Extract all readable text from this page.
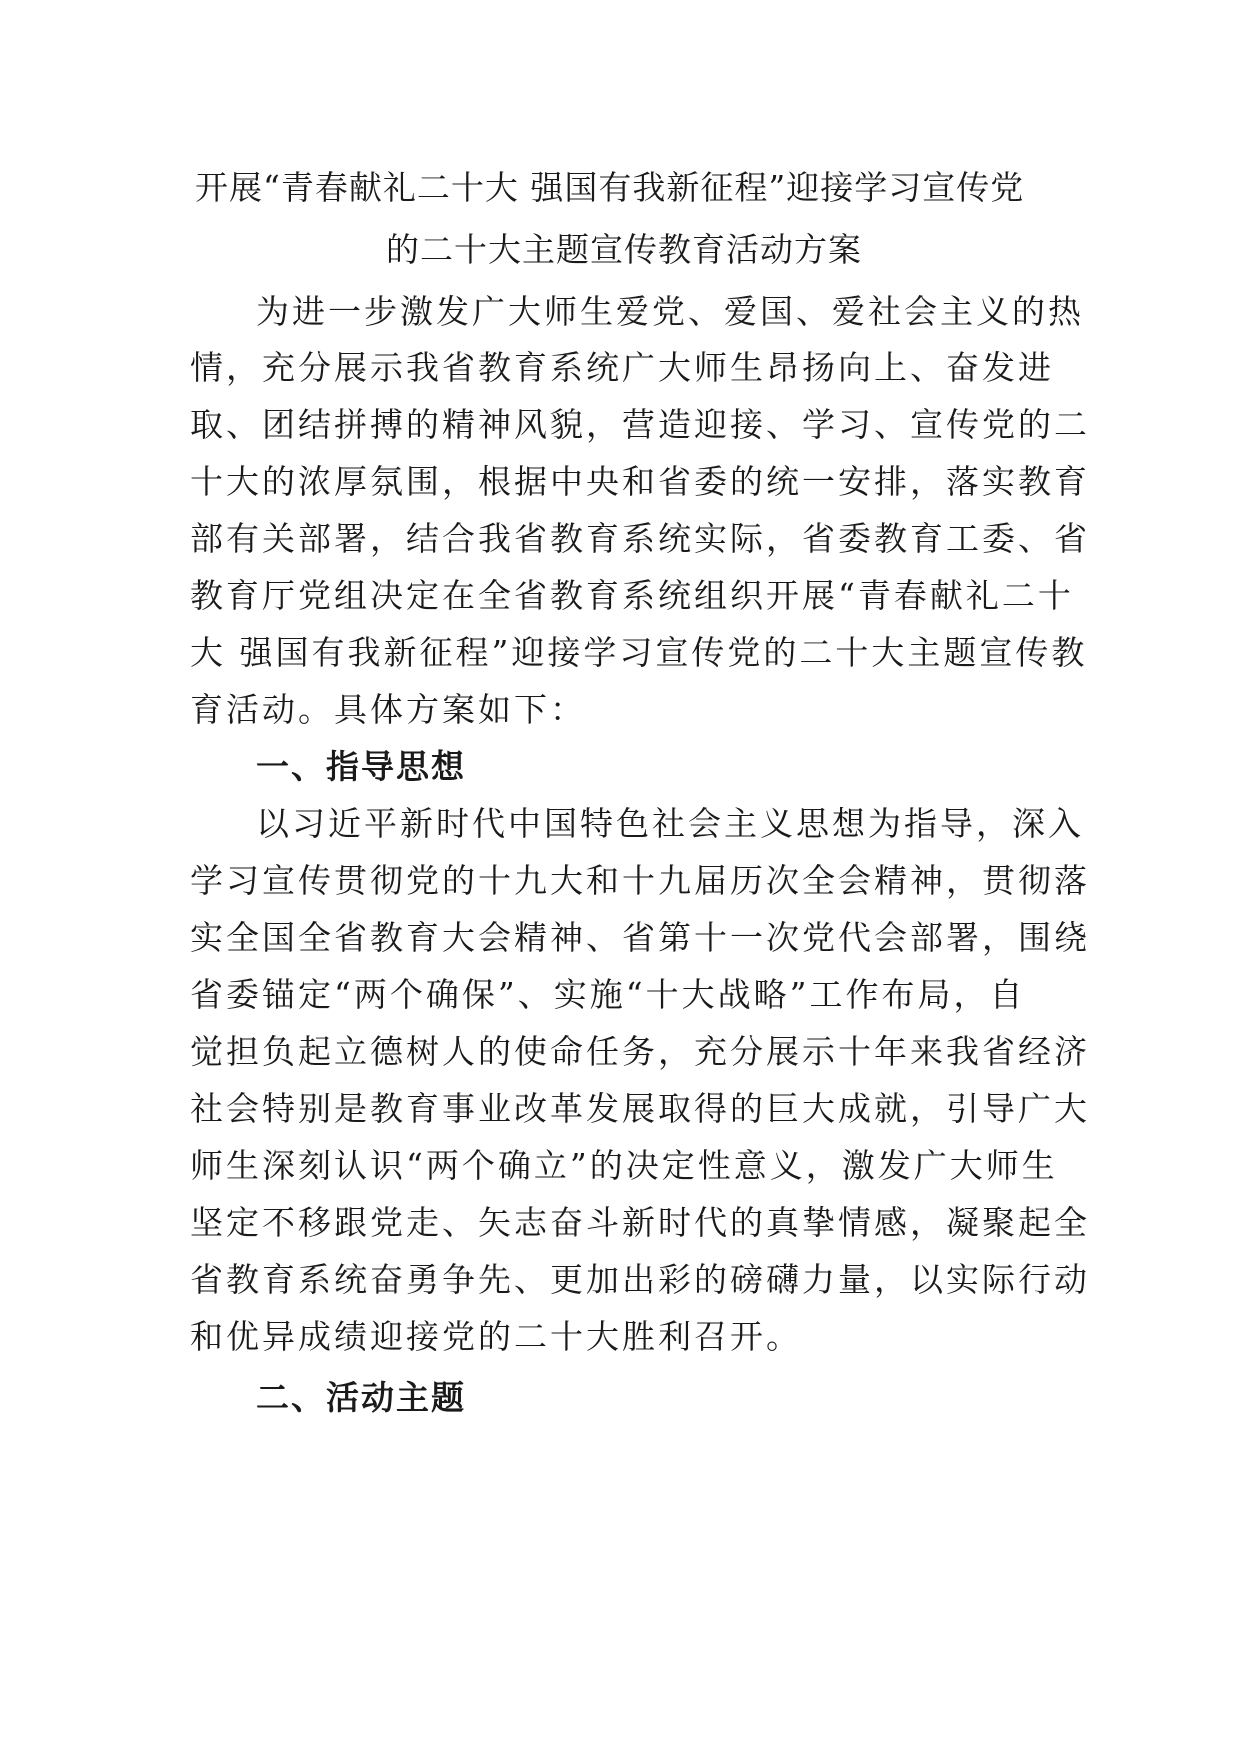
开展“青春献礼二十大 强国有我新征程”迎接学习宣传党
的二十大主题宣传教育活动方案

为进一步激发广大师生爱党、爱国、爱社会主义的热

情，充分展示我省教育系统广大师生昂扬向上、奋发进

取、团结拼搏的精神风貌，营造迎接、学习、宣传党的二

十大的浓厚氛围，根据中央和省委的统一安排，落实教育

部有关部署，结合我省教育系统实际，省委教育工委、省

教育厅党组决定在全省教育系统组织开展“青春献礼二十

大 强国有我新征程”迎接学习宣传党的二十大主题宣传教

育活动。具体方案如下：

一、指导思想

以习近平新时代中国特色社会主义思想为指导，深入

学习宣传贯彻党的十九大和十九届历次全会精神，贯彻落

实全国全省教育大会精神、省第十一次党代会部署，围绕

省委锚定“两个确保”、实施“十大战略”工作布局，自

觉担负起立德树人的使命任务，充分展示十年来我省经济

社会特别是教育事业改革发展取得的巨大成就，引导广大

师生深刻认识“两个确立”的决定性意义，激发广大师生

坚定不移跟党走、矢志奋斗新时代的真挚情感，凝聚起全

省教育系统奋勇争先、更加出彩的磅礴力量，以实际行动

和优异成绩迎接党的二十大胜利召开。

二、活动主题
